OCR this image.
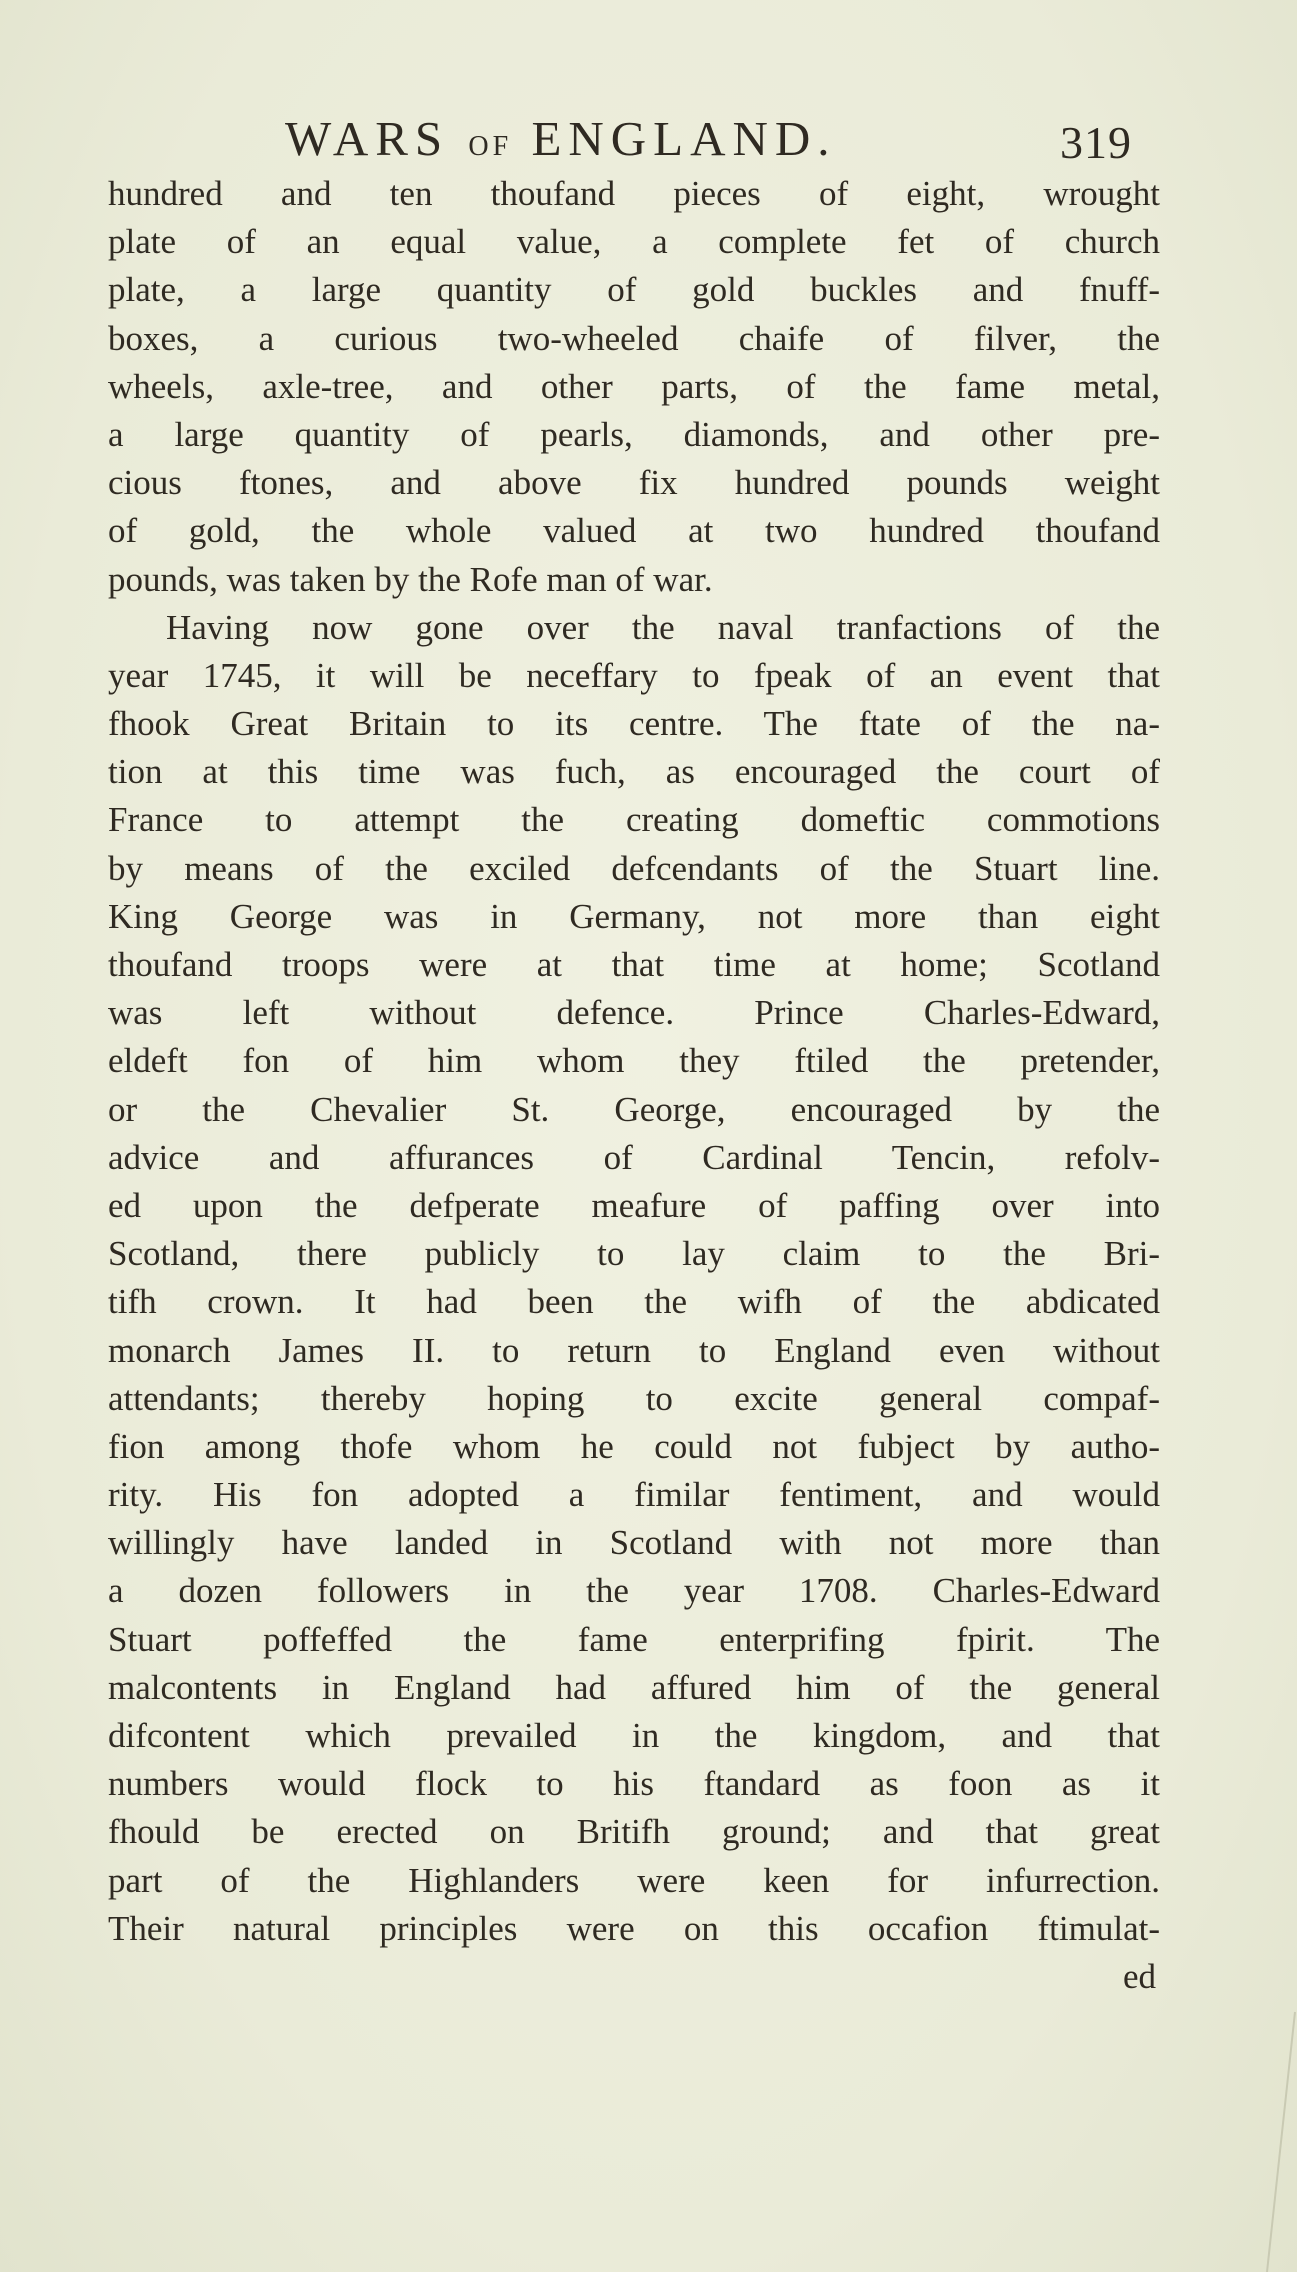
WARS OF ENGLAND.	319
hundred and ten thoufand pieces of eight, wrought
plate of an equal value, a complete fet of church
plate, a large quantity of gold buckles and fnuff-
boxes, a curious two-wheeled chaife of filver, the
wheels, axle-tree, and other parts, of the fame metal,
a large quantity of pearls, diamonds, and other pre-
cious ftones, and above fix hundred pounds weight
of gold, the whole valued at two hundred thoufand
pounds, was taken by the Rofe man of war.
Having now gone over the naval tranfactions of the
year 1745, it will be neceffary to fpeak of an event that
fhook Great Britain to its centre. The ftate of the na-
tion at this time was fuch, as encouraged the court of
France to attempt the creating domeftic commotions
by means of the exciled defcendants of the Stuart line.
King George was in Germany, not more than eight
thoufand troops were at that time at home; Scotland
was left without defence. Prince Charles-Edward,
eldeft fon of him whom they ftiled the pretender,
or the Chevalier St. George, encouraged by the
advice and affurances of Cardinal Tencin, refolv-
ed upon the defperate meafure of paffing over into
Scotland, there publicly to lay claim to the Bri-
tifh crown. It had been the wifh of the abdicated
monarch James II. to return to England even without
attendants; thereby hoping to excite general compaf-
fion among thofe whom he could not fubject by autho-
rity. His fon adopted a fimilar fentiment, and would
willingly have landed in Scotland with not more than
a dozen followers in the year 1708. Charles-Edward
Stuart poffeffed the fame enterprifing fpirit. The
malcontents in England had affured him of the general
difcontent which prevailed in the kingdom, and that
numbers would flock to his ftandard as foon as it
fhould be erected on Britifh ground; and that great
part of the Highlanders were keen for infurrection.
Their natural principles were on this occafion ftimulat-
ed
